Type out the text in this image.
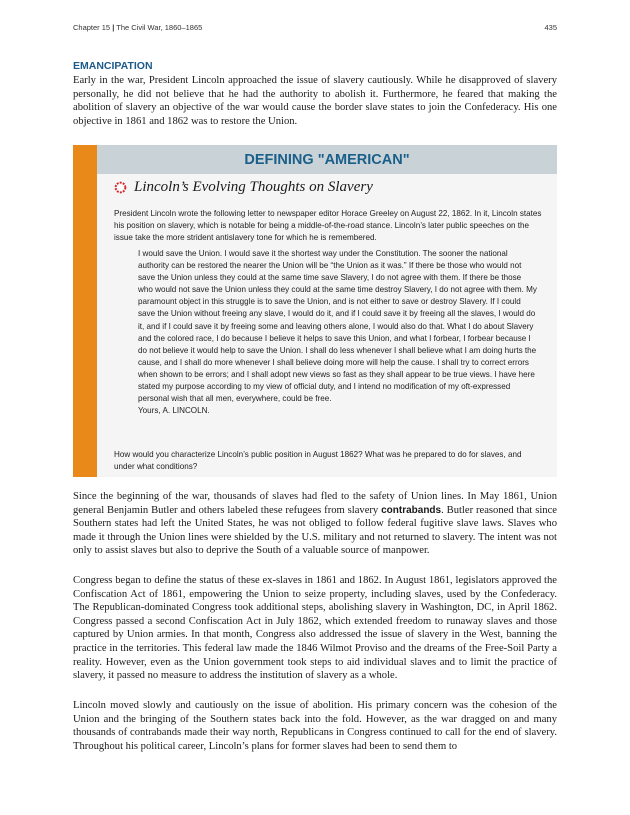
Chapter 15 | The Civil War, 1860–1865	435
EMANCIPATION

Early in the war, President Lincoln approached the issue of slavery cautiously. While he disapproved of slavery personally, he did not believe that he had the authority to abolish it. Furthermore, he feared that making the abolition of slavery an objective of the war would cause the border slave states to join the Confederacy. His one objective in 1861 and 1862 was to restore the Union.

DEFINING "AMERICAN"
Lincoln’s Evolving Thoughts on Slavery

President Lincoln wrote the following letter to newspaper editor Horace Greeley on August 22, 1862. In it, Lincoln states his position on slavery, which is notable for being a middle-of-the-road stance. Lincoln’s later public speeches on the issue take the more strident antislavery tone for which he is remembered.

I would save the Union. I would save it the shortest way under the Constitution. The sooner the national authority can be restored the nearer the Union will be “the Union as it was.” If there be those who would not save the Union unless they could at the same time save Slavery, I do not agree with them. If there be those who would not save the Union unless they could at the same time destroy Slavery, I do not agree with them. My paramount object in this struggle is to save the Union, and is not either to save or destroy Slavery. If I could save the Union without freeing any slave, I would do it, and if I could save it by freeing all the slaves, I would do it, and if I could save it by freeing some and leaving others alone, I would also do that. What I do about Slavery and the colored race, I do because I believe it helps to save this Union, and what I forbear, I forbear because I do not believe it would help to save the Union. I shall do less whenever I shall believe what I am doing hurts the cause, and I shall do more whenever I shall believe doing more will help the cause. I shall try to correct errors when shown to be errors; and I shall adopt new views so fast as they shall appear to be true views. I have here stated my purpose according to my view of official duty, and I intend no modification of my oft-expressed personal wish that all men, everywhere, could be free.
Yours, A. LINCOLN.

How would you characterize Lincoln’s public position in August 1862? What was he prepared to do for slaves, and under what conditions?

Since the beginning of the war, thousands of slaves had fled to the safety of Union lines. In May 1861, Union general Benjamin Butler and others labeled these refugees from slavery contrabands. Butler reasoned that since Southern states had left the United States, he was not obliged to follow federal fugitive slave laws. Slaves who made it through the Union lines were shielded by the U.S. military and not returned to slavery. The intent was not only to assist slaves but also to deprive the South of a valuable source of manpower.

Congress began to define the status of these ex-slaves in 1861 and 1862. In August 1861, legislators approved the Confiscation Act of 1861, empowering the Union to seize property, including slaves, used by the Confederacy. The Republican-dominated Congress took additional steps, abolishing slavery in Washington, DC, in April 1862. Congress passed a second Confiscation Act in July 1862, which extended freedom to runaway slaves and those captured by Union armies. In that month, Congress also addressed the issue of slavery in the West, banning the practice in the territories. This federal law made the 1846 Wilmot Proviso and the dreams of the Free-Soil Party a reality. However, even as the Union government took steps to aid individual slaves and to limit the practice of slavery, it passed no measure to address the institution of slavery as a whole.

Lincoln moved slowly and cautiously on the issue of abolition. His primary concern was the cohesion of the Union and the bringing of the Southern states back into the fold. However, as the war dragged on and many thousands of contrabands made their way north, Republicans in Congress continued to call for the end of slavery. Throughout his political career, Lincoln’s plans for former slaves had been to send them to
